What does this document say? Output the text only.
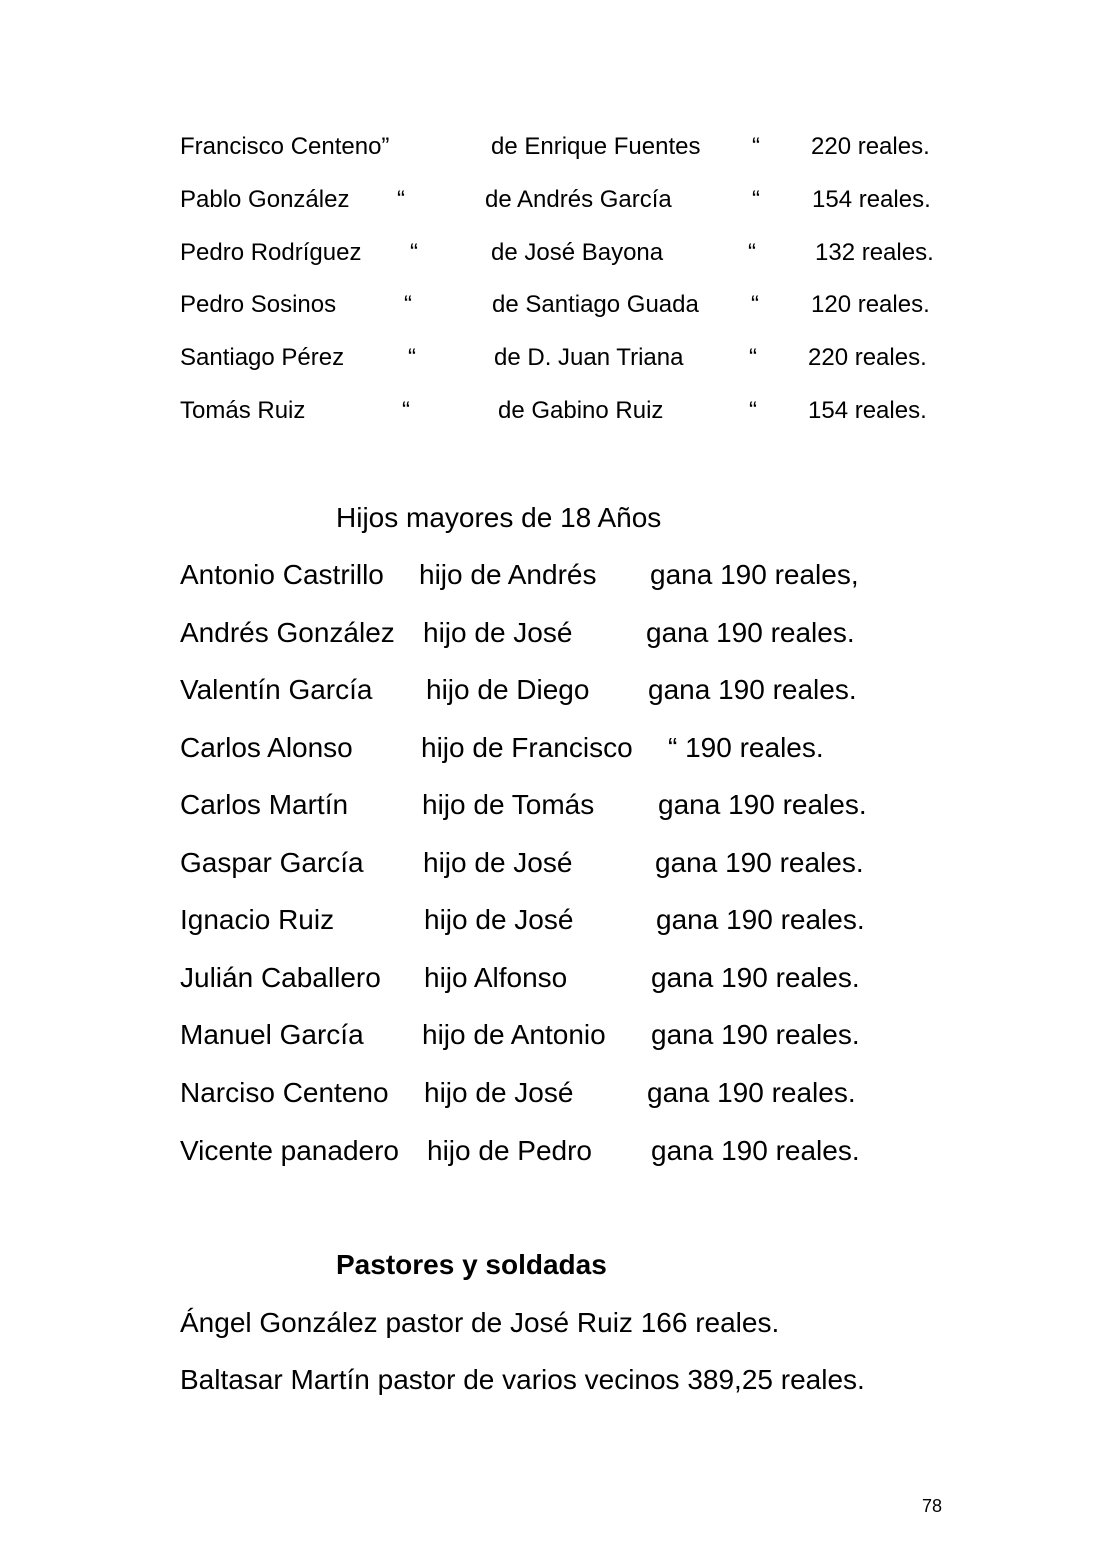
Francisco Centeno”	de Enrique Fuentes “ 220 reales.
Pablo González “	de Andrés García	“ 154 reales.
Pedro Rodríguez “	de José Bayona	“ 132 reales.
Pedro Sosinos	“	de Santiago Guada “ 120 reales.
Santiago Pérez	“	de D. Juan Triana	“ 220 reales.
Tomás Ruiz	“	de Gabino Ruiz	“ 154 reales.
Hijos mayores de 18 Años
Antonio Castrillo hijo de Andrés gana 190 reales,
Andrés González hijo de José	gana 190 reales.
Valentín García hijo de Diego gana 190 reales.
Carlos Alonso hijo de Francisco “ 190 reales.
Carlos Martín	hijo de Tomás gana 190 reales.
Gaspar García hijo de José	gana 190 reales.
Ignacio Ruiz	hijo de José	gana 190 reales.
Julián Caballero hijo Alfonso	gana 190 reales.
Manuel García hijo de Antonio gana 190 reales.
Narciso Centeno hijo de José	gana 190 reales.
Vicente panadero hijo de Pedro gana 190 reales.
Pastores y soldadas
Ángel González pastor de José Ruiz 166 reales.
Baltasar Martín pastor de varios vecinos 389,25 reales.
78
